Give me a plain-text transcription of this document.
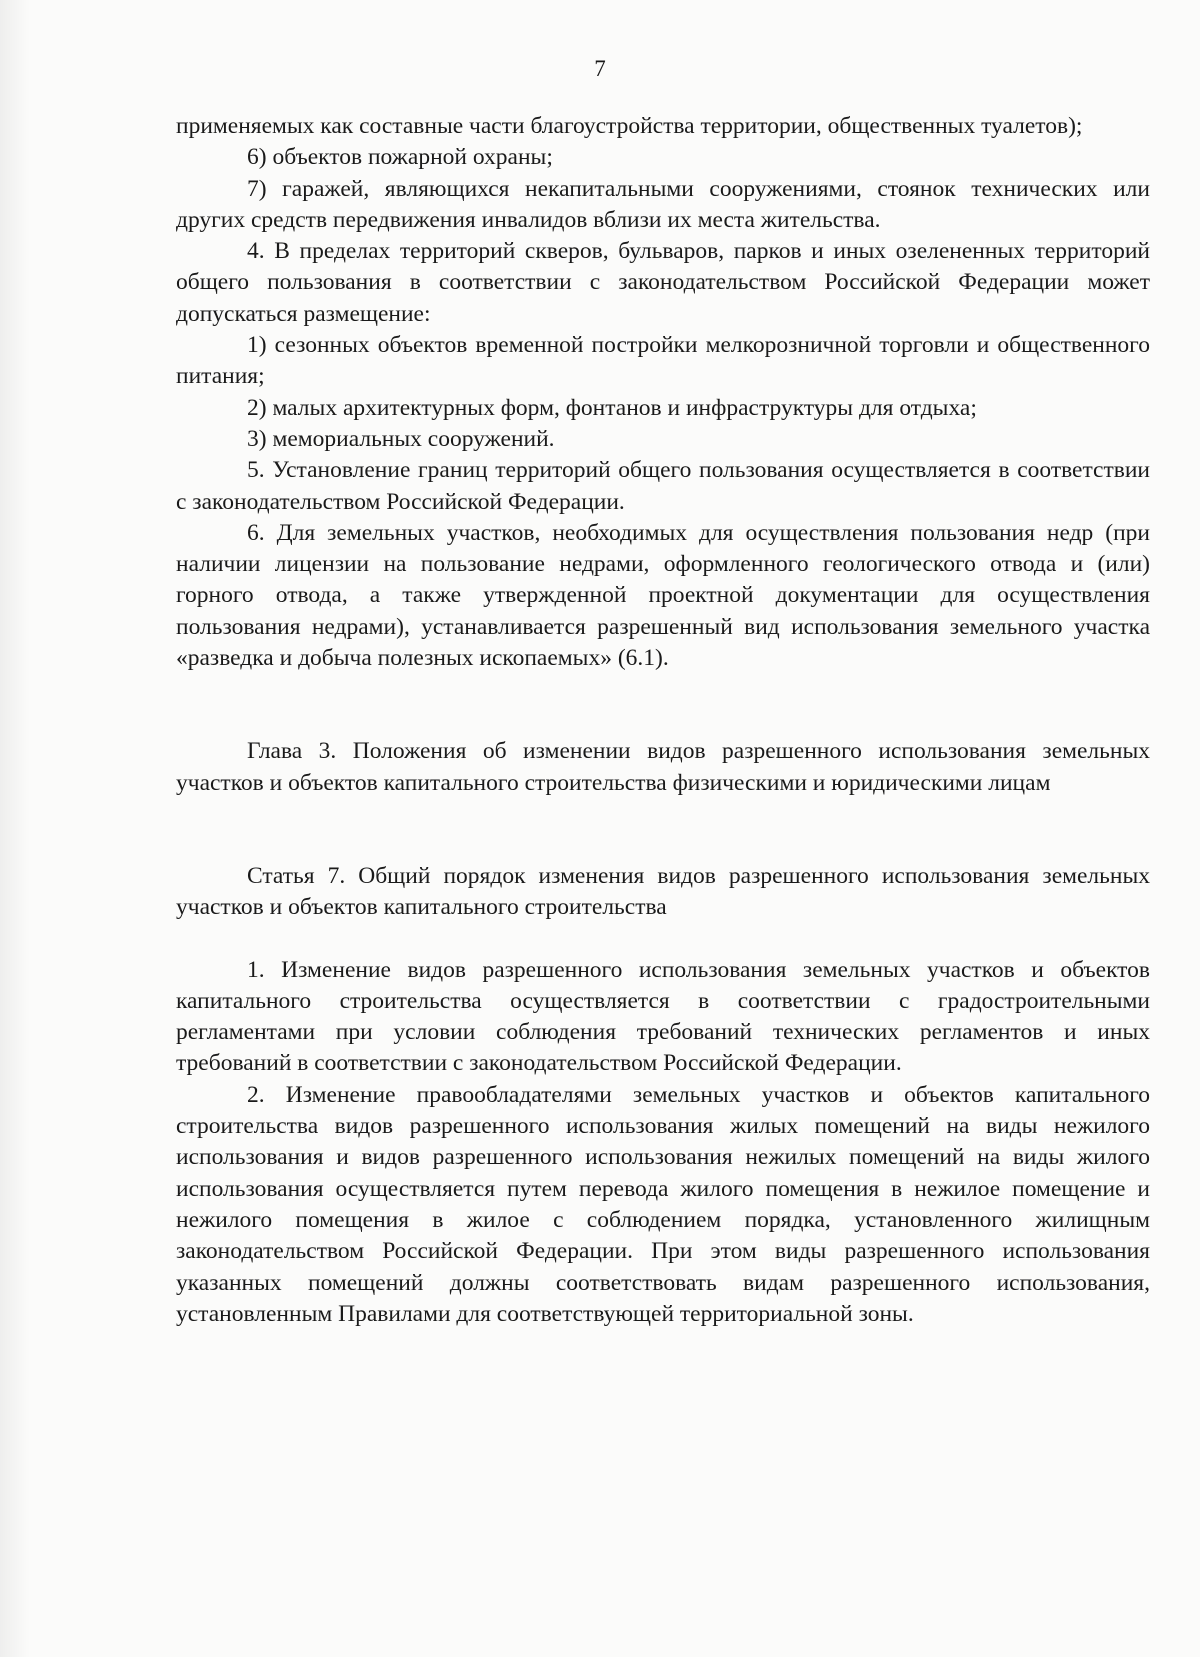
7

применяемых как составные части благоустройства территории, общественных туалетов);

6) объектов пожарной охраны;

7) гаражей, являющихся некапитальными сооружениями, стоянок технических или других средств передвижения инвалидов вблизи их места жительства.

4. В пределах территорий скверов, бульваров, парков и иных озелененных территорий общего пользования в соответствии с законодательством Российской Федерации может допускаться размещение:

1) сезонных объектов временной постройки мелкорозничной торговли и общественного питания;

2) малых архитектурных форм, фонтанов и инфраструктуры для отдыха;

3) мемориальных сооружений.

5. Установление границ территорий общего пользования осуществляется в соответствии с законодательством Российской Федерации.

6. Для земельных участков, необходимых для осуществления пользования недр (при наличии лицензии на пользование недрами, оформленного геологического отвода и (или) горного отвода, а также утвержденной проектной документации для осуществления пользования недрами), устанавливается разрешенный вид использования земельного участка «разведка и добыча полезных ископаемых» (6.1).

Глава 3. Положения об изменении видов разрешенного использования земельных участков и объектов капитального строительства физическими и юридическими лицам

Статья 7. Общий порядок изменения видов разрешенного использования земельных участков и объектов капитального строительства

1. Изменение видов разрешенного использования земельных участков и объектов капитального строительства осуществляется в соответствии с градостроительными регламентами при условии соблюдения требований технических регламентов и иных требований в соответствии с законодательством Российской Федерации.

2. Изменение правообладателями земельных участков и объектов капитального строительства видов разрешенного использования жилых помещений на виды нежилого использования и видов разрешенного использования нежилых помещений на виды жилого использования осуществляется путем перевода жилого помещения в нежилое помещение и нежилого помещения в жилое с соблюдением порядка, установленного жилищным законодательством Российской Федерации. При этом виды разрешенного использования указанных помещений должны соответствовать видам разрешенного использования, установленным Правилами для соответствующей территориальной зоны.
